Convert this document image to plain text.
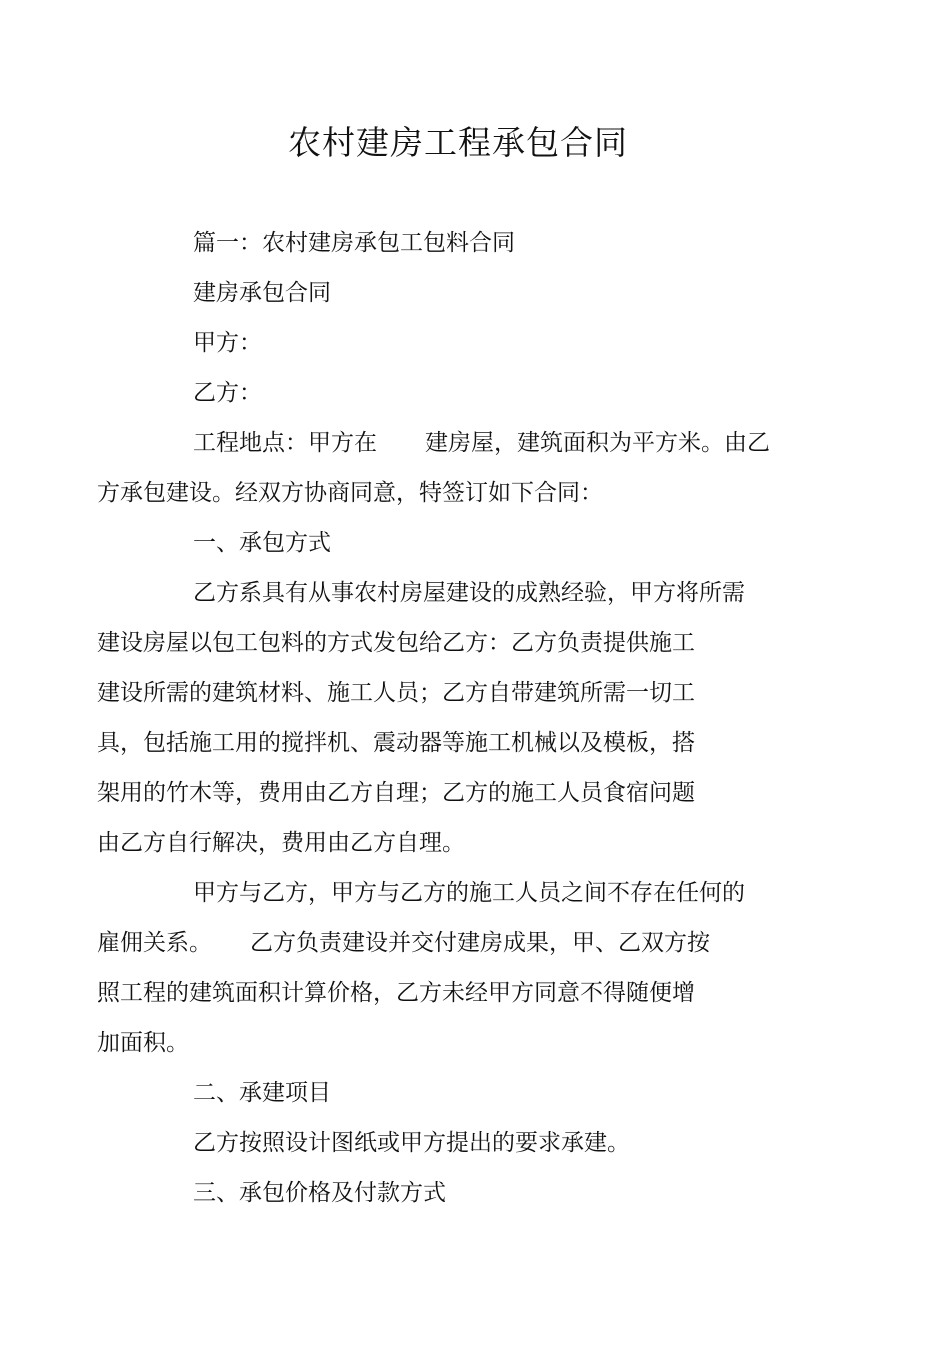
农村建房工程承包合同

篇一：农村建房承包工包料合同

建房承包合同

甲方：

乙方：

工程地点：甲方在 建房屋，建筑面积为平方米。由乙
方承包建设。经双方协商同意，特签订如下合同：

一、承包方式

乙方系具有从事农村房屋建设的成熟经验，甲方将所需
建设房屋以包工包料的方式发包给乙方：乙方负责提供施工
建设所需的建筑材料、施工人员；乙方自带建筑所需一切工
具，包括施工用的搅拌机、震动器等施工机械以及模板，搭
架用的竹木等，费用由乙方自理；乙方的施工人员食宿问题
由乙方自行解决，费用由乙方自理。

甲方与乙方，甲方与乙方的施工人员之间不存在任何的
雇佣关系。 乙方负责建设并交付建房成果，甲、乙双方按
照工程的建筑面积计算价格，乙方未经甲方同意不得随便增
加面积。

二、承建项目

乙方按照设计图纸或甲方提出的要求承建。

三、承包价格及付款方式
